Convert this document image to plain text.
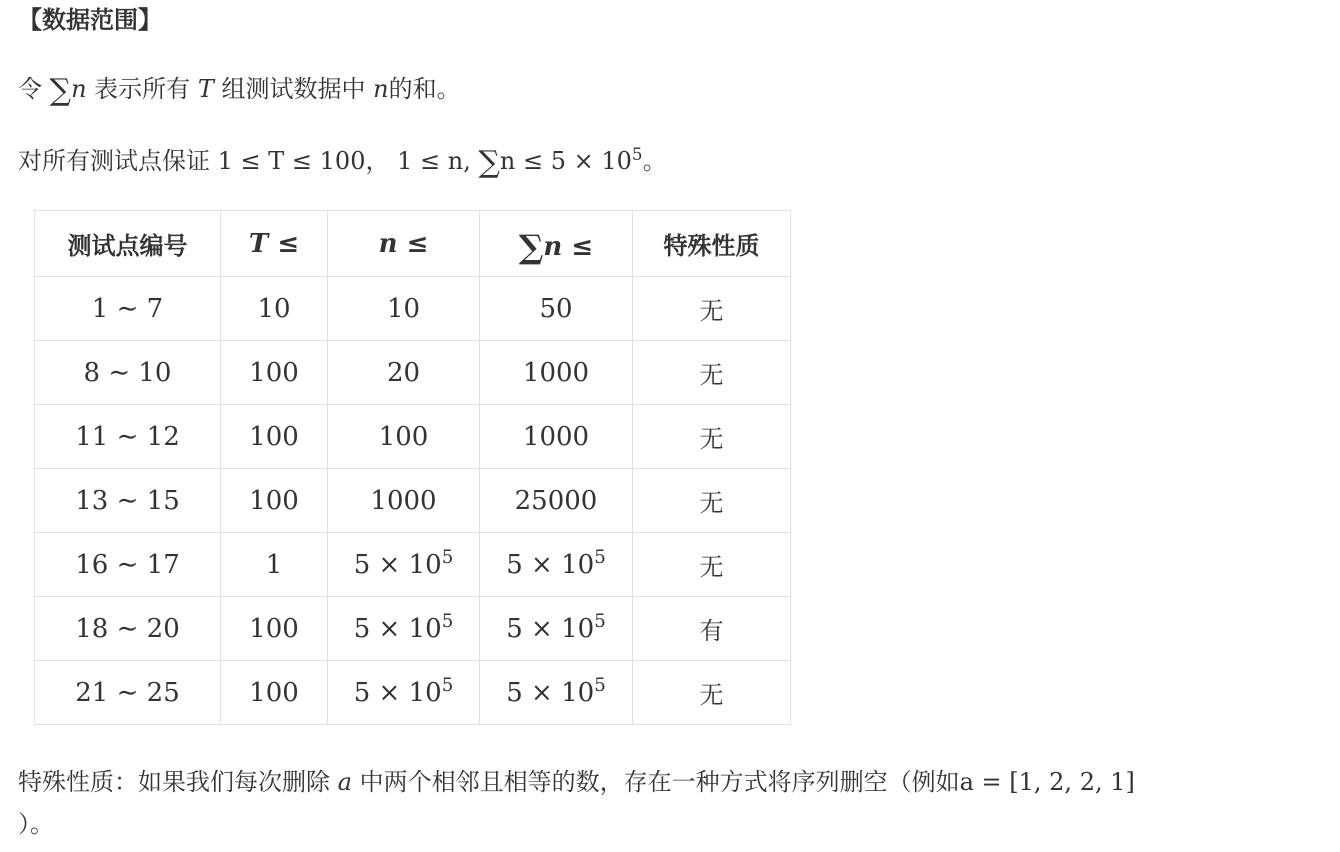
【数据范围】
令 ∑n 表示所有 T 组测试数据中 n的和。
对所有测试点保证 1 ≤ T ≤ 100， 1 ≤ n, $\sum n \le 5 \times 10^5$。
测试点编号	T ≤	n ≤	∑n ≤	特殊性质
1 ∼ 7	10	10	50	无
8 ∼ 10	100	20	1000	无
11 ∼ 12	100	100	1000	无
13 ∼ 15	100	1000	25000	无
16 ∼ 17	1	$5 \times 10^5$	$5 \times 10^5$	无
18 ∼ 20	100	$5 \times 10^5$	$5 \times 10^5$	有
21 ∼ 25	100	$5 \times 10^5$	$5 \times 10^5$	无
特殊性质：如果我们每次删除 a 中两个相邻且相等的数，存在一种方式将序列删空（例如a = [1, 2, 2, 1]
）。
